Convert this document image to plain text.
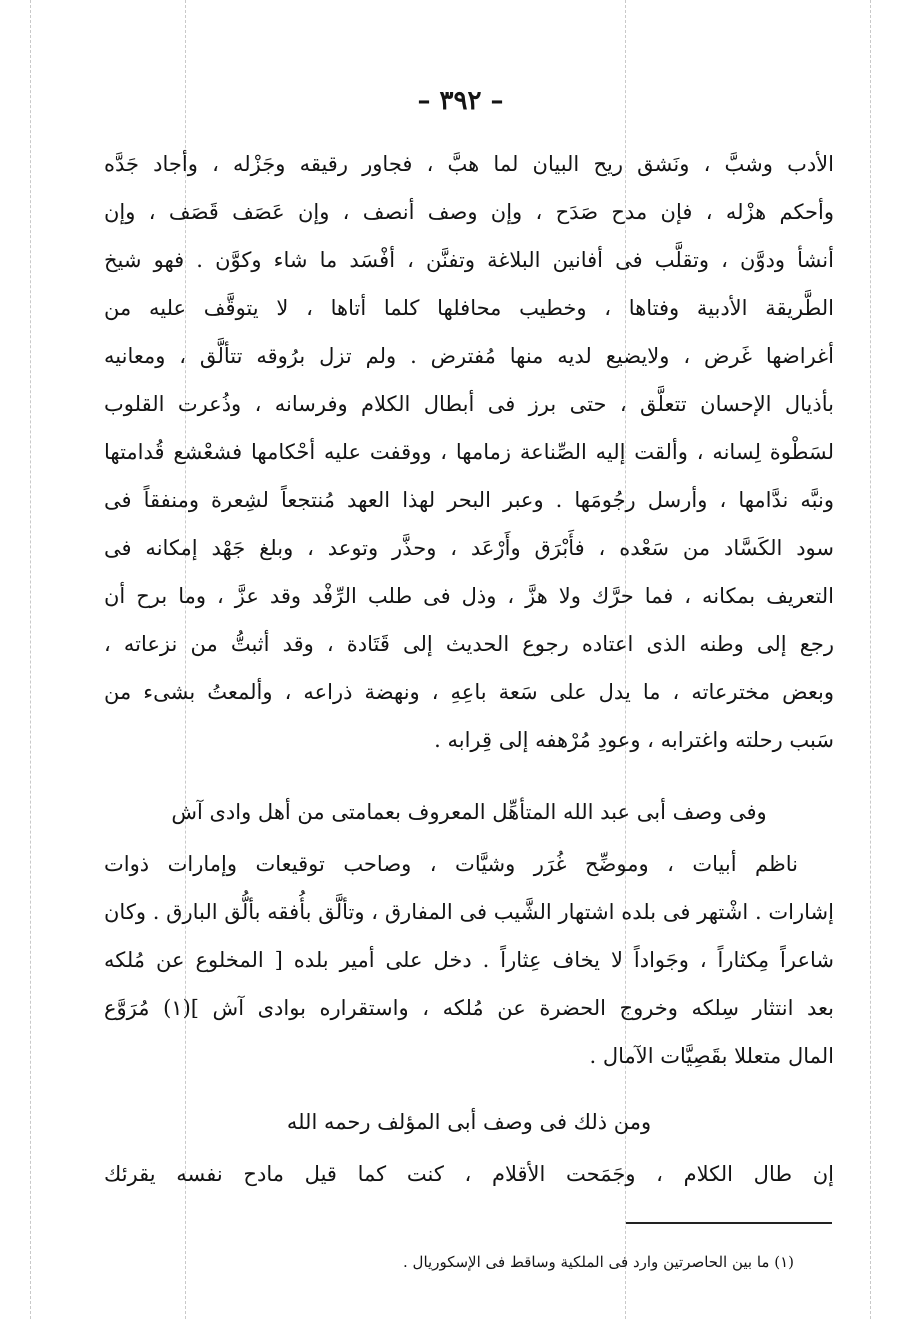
– ٣٩٢ –
الأدب وشبَّ ، ونَشق ريح البيان لما هبَّ ، فجاور رقيقه وجَزْله ، وأجاد جَدَّه
وأحكم هزْله ، فإن مدح صَدَح ، وإن وصف أنصف ، وإن عَصَف قَصَف ، وإن
أنشأ ودوَّن ، وتقلَّب فى أفانين البلاغة وتفنَّن ، أفْسَد ما شاء وكوَّن . فهو شيخ
الطَّريقة الأدبية وفتاها ، وخطيب محافلها كلما أتاها ، لا يتوقَّف عليه من
أغراضها غَرض ، ولايضيع لديه منها مُفترض . ولم تزل برُوقه تتألَّق ، ومعانيه
بأذيال الإحسان تتعلَّق ، حتى برز فى أبطال الكلام وفرسانه ، وذُعرت القلوب
لسَطْوة لِسانه ، وألقت إليه الصِّناعة زمامها ، ووقفت عليه أحْكامها فشعْشع قُدامتها
ونبَّه ندَّامها ، وأرسل رجُومَها . وعبر البحر لهذا العهد مُنتجعاً لشِعرة ومنفقاً فى
سود الكَسَّاد من سَعْده ، فأَبْرَق وأَرْعَد ، وحذَّر وتوعد ، وبلغ جَهْد إمكانه فى
التعريف بمكانه ، فما حرَّك ولا هزَّ ، وذل فى طلب الرِّفْد وقد عزَّ ، وما برح أن
رجع إلى وطنه الذى اعتاده رجوع الحديث إلى قَتَادة ، وقد أثبتُّ من نزعاته ،
وبعض مخترعاته ، ما يدل على سَعة باعِهِ ، ونهضة ذراعه ، وألمعتُ بشىء من
سَبب رحلته واغترابه ، وعودِ مُرْهفه إلى قِرابه .
وفى وصف أبى عبد الله المتأهِّل المعروف بعمامتى من أهل وادى آش
ناظم أبيات ، وموضِّح غُرَر وشيَّات ، وصاحب توقيعات وإمارات ذوات
إشارات . اشْتهر فى بلده اشتهار الشَّيب فى المفارق ، وتألَّق بأُفقه بألُّق البارق . وكان
شاعراً مِكثاراً ، وجَواداً لا يخاف عِثاراً . دخل على أمير بلده [ المخلوع عن مُلكه
بعد انتثار سِلكه وخروج الحضرة عن مُلكه ، واستقراره بوادى آش ](١) مُرَوَّع
المال متعللا بقَصِيَّات الآمال .
ومن ذلك فى وصف أبى المؤلف رحمه الله
إن طال الكلام ، وجَمَحت الأقلام ، كنت كما قيل مادح نفسه يقرئك
(١) ما بين الحاصرتين وارد فى الملكية وساقط فى الإسكوريال .
